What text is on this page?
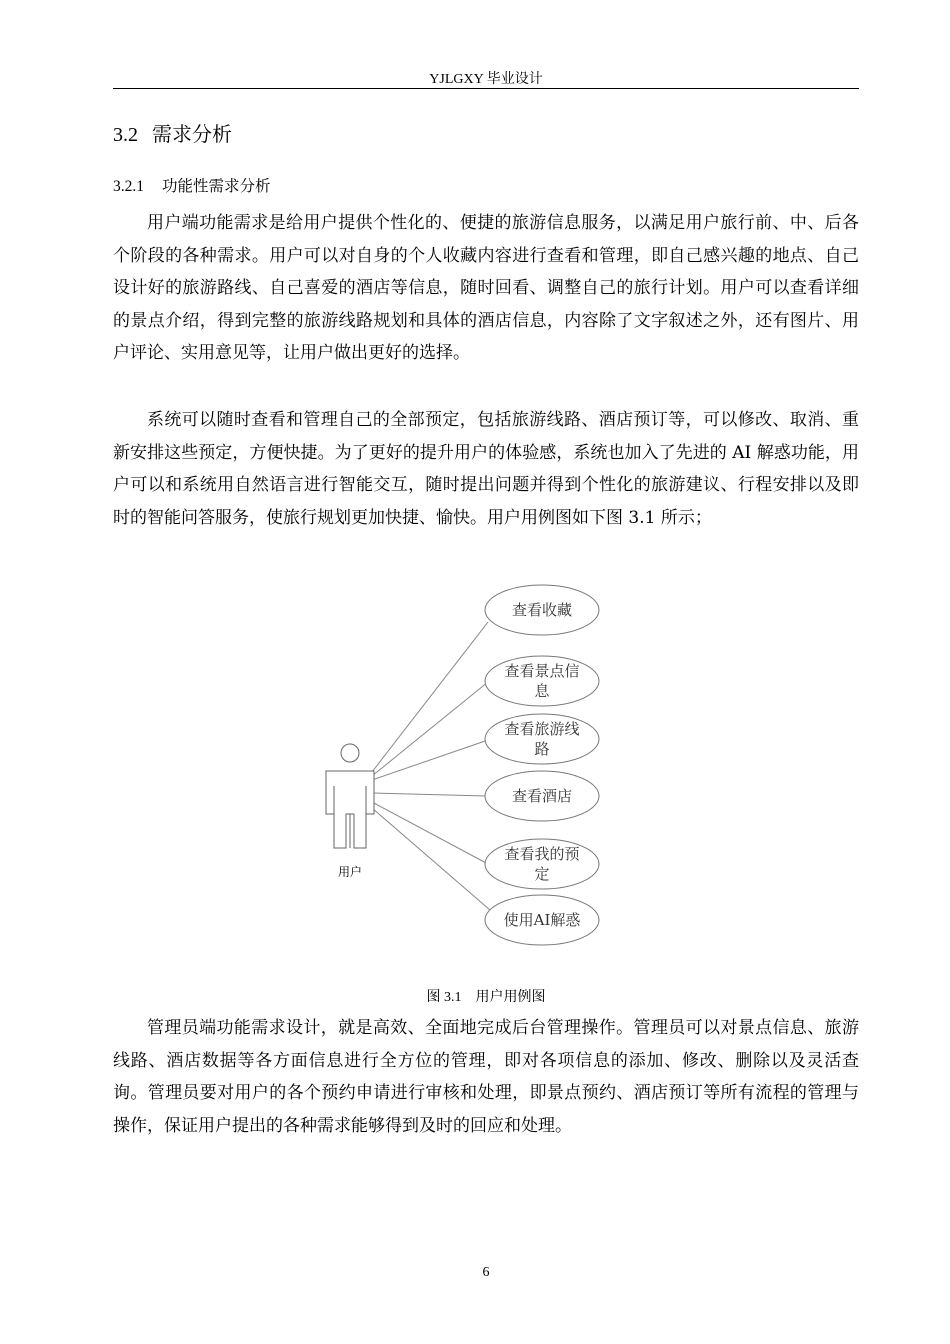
YJLGXY 毕业设计
3.2 需求分析
3.2.1 功能性需求分析

用户端功能需求是给用户提供个性化的、便捷的旅游信息服务，以满足用户旅行前、中、后各个阶段的各种需求。用户可以对自身的个人收藏内容进行查看和管理，即自己感兴趣的地点、自己设计好的旅游路线、自己喜爱的酒店等信息，随时回看、调整自己的旅行计划。用户可以查看详细的景点介绍，得到完整的旅游线路规划和具体的酒店信息，内容除了文字叙述之外，还有图片、用户评论、实用意见等，让用户做出更好的选择。

系统可以随时查看和管理自己的全部预定，包括旅游线路、酒店预订等，可以修改、取消、重新安排这些预定，方便快捷。为了更好的提升用户的体验感，系统也加入了先进的 AI 解惑功能，用户可以和系统用自然语言进行智能交互，随时提出问题并得到个性化的旅游建议、行程安排以及即时的智能问答服务，使旅行规划更加快捷、愉快。用户用例图如下图 3.1 所示；

用户
查看收藏
查看景点信
息
查看旅游线
路
查看酒店
查看我的预
定
使用AI解惑
图 3.1 用户用例图

管理员端功能需求设计，就是高效、全面地完成后台管理操作。管理员可以对景点信息、旅游线路、酒店数据等各方面信息进行全方位的管理，即对各项信息的添加、修改、删除以及灵活查询。管理员要对用户的各个预约申请进行审核和处理，即景点预约、酒店预订等所有流程的管理与操作，保证用户提出的各种需求能够得到及时的回应和处理。

6
